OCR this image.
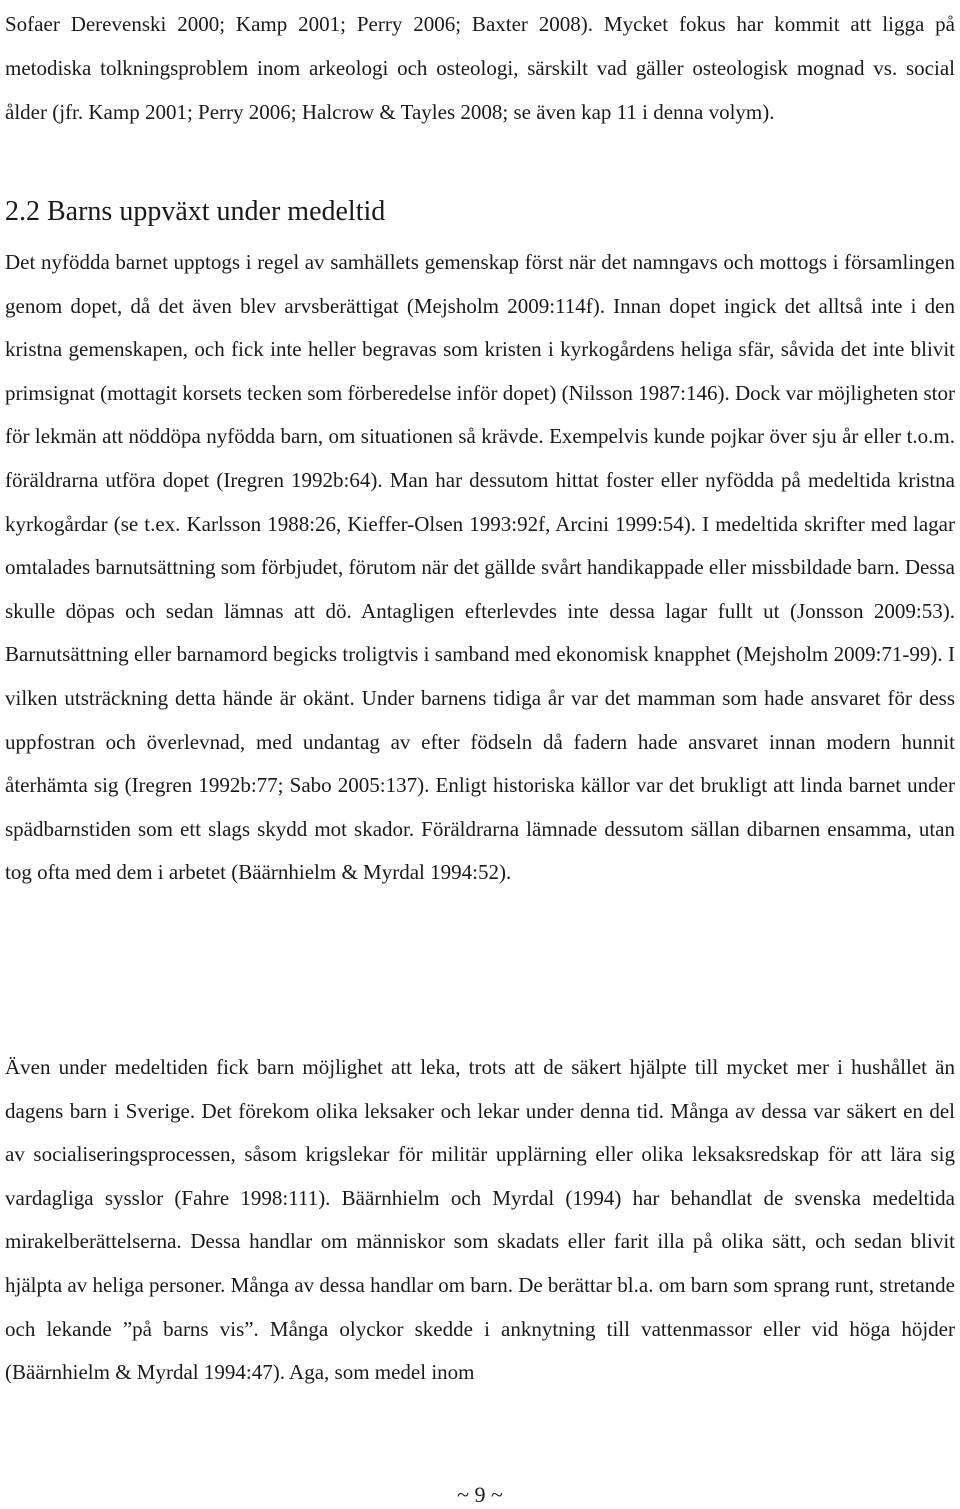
Sofaer Derevenski 2000; Kamp 2001; Perry 2006; Baxter 2008). Mycket fokus har kommit att ligga på metodiska tolkningsproblem inom arkeologi och osteologi, särskilt vad gäller osteologisk mognad vs. social ålder (jfr. Kamp 2001; Perry 2006; Halcrow & Tayles 2008; se även kap 11 i denna volym).

2.2 Barns uppväxt under medeltid

Det nyfödda barnet upptogs i regel av samhällets gemenskap först när det namngavs och mottogs i församlingen genom dopet, då det även blev arvsberättigat (Mejsholm 2009:114f). Innan dopet ingick det alltså inte i den kristna gemenskapen, och fick inte heller begravas som kristen i kyrkogårdens heliga sfär, såvida det inte blivit primsignat (mottagit korsets tecken som förberedelse inför dopet) (Nilsson 1987:146). Dock var möjligheten stor för lekmän att nöddöpa nyfödda barn, om situationen så krävde. Exempelvis kunde pojkar över sju år eller t.o.m. föräldrarna utföra dopet (Iregren 1992b:64). Man har dessutom hittat foster eller nyfödda på medeltida kristna kyrkogårdar (se t.ex. Karlsson 1988:26, Kieffer-Olsen 1993:92f, Arcini 1999:54). I medeltida skrifter med lagar omtalades barnutsättning som förbjudet, förutom när det gällde svårt handikappade eller missbildade barn. Dessa skulle döpas och sedan lämnas att dö. Antagligen efterlevdes inte dessa lagar fullt ut (Jonsson 2009:53). Barnutsättning eller barnamord begicks troligtvis i samband med ekonomisk knapphet (Mejsholm 2009:71-99). I vilken utsträckning detta hände är okänt. Under barnens tidiga år var det mamman som hade ansvaret för dess uppfostran och överlevnad, med undantag av efter födseln då fadern hade ansvaret innan modern hunnit återhämta sig (Iregren 1992b:77; Sabo 2005:137). Enligt historiska källor var det brukligt att linda barnet under spädbarnstiden som ett slags skydd mot skador. Föräldrarna lämnade dessutom sällan dibarnen ensamma, utan tog ofta med dem i arbetet (Bäärnhielm & Myrdal 1994:52).

Även under medeltiden fick barn möjlighet att leka, trots att de säkert hjälpte till mycket mer i hushållet än dagens barn i Sverige. Det förekom olika leksaker och lekar under denna tid. Många av dessa var säkert en del av socialiseringsprocessen, såsom krigslekar för militär upplärning eller olika leksaksredskap för att lära sig vardagliga sysslor (Fahre 1998:111). Bäärnhielm och Myrdal (1994) har behandlat de svenska medeltida mirakelberättelserna. Dessa handlar om människor som skadats eller farit illa på olika sätt, och sedan blivit hjälpta av heliga personer. Många av dessa handlar om barn. De berättar bl.a. om barn som sprang runt, stretande och lekande ”på barns vis”. Många olyckor skedde i anknytning till vattenmassor eller vid höga höjder (Bäärnhielm & Myrdal 1994:47). Aga, som medel inom

~ 9 ~
